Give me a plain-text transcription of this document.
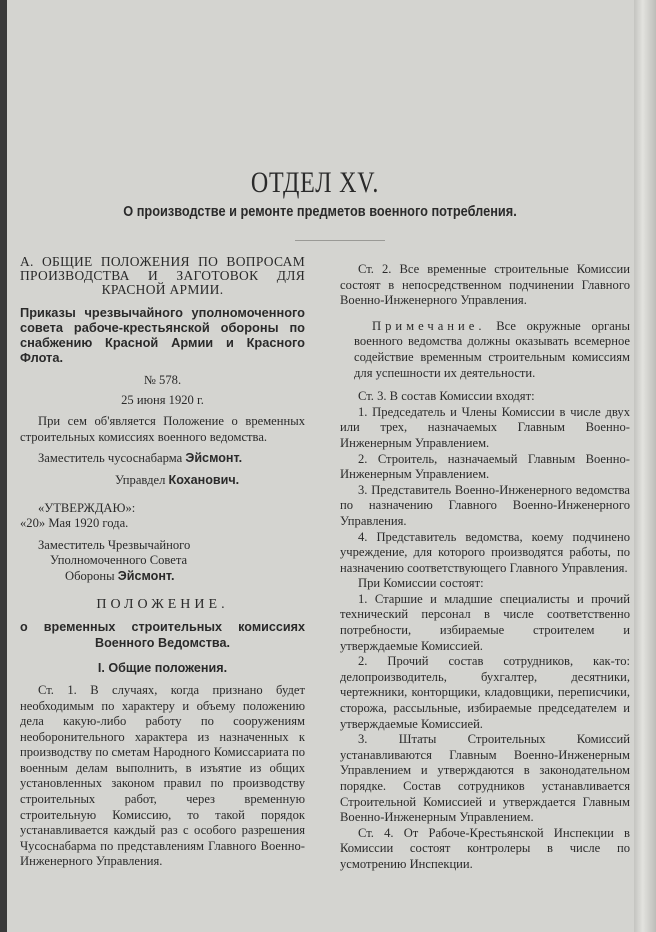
ОТДЕЛ XV.
О производстве и ремонте предметов военного потребления.

А. ОБЩИЕ ПОЛОЖЕНИЯ ПО ВОПРОСАМ ПРОИЗВОДСТВА И ЗАГОТОВОК ДЛЯ КРАСНОЙ АРМИИ.

Приказы чрезвычайного уполномоченного совета рабоче-крестьянской обороны по снабжению Красной Армии и Красного Флота.

№ 578.

25 июня 1920 г.

При сем об'является Положение о временных строительных комиссиях военного ведомства.

Заместитель чусоснабарма Эйсмонт.

Управдел Коханович.

«УТВЕРЖДАЮ»:

«20» Мая 1920 года.

Заместитель Чрезвычайного

Уполномоченного Совета

Обороны Эйсмонт.

ПОЛОЖЕНИЕ.

о временных строительных комиссиях Военного Ведомства.

I. Общие положения.

Ст. 1. В случаях, когда признано будет необходимым по характеру и объему положению дела какую-либо работу по сооружениям необоронительного характера из назначенных к производству по сметам Народного Комиссариата по военным делам выполнить, в изъятие из общих установленных законом правил по производству строительных работ, через временную строительную Комиссию, то такой порядок устанавливается каждый раз с особого разрешения Чусоснабарма по представлениям Главного Военно-Инженерного Управления.

Ст. 2. Все временные строительные Комиссии состоят в непосредственном подчинении Главного Военно-Инженерного Управления.

Примечание. Все окружные органы военного ведомства должны оказывать всемерное содействие временным строительным комиссиям для успешности их деятельности.

Ст. 3. В состав Комиссии входят:

1. Председатель и Члены Комиссии в числе двух или трех, назначаемых Главным Военно-Инженерным Управлением.

2. Строитель, назначаемый Главным Военно-Инженерным Управлением.

3. Представитель Военно-Инженерного ведомства по назначению Главного Военно-Инженерного Управления.

4. Представитель ведомства, коему подчинено учреждение, для которого производятся работы, по назначению соответствующего Главного Управления.

При Комиссии состоят:

1. Старшие и младшие специалисты и прочий технический персонал в числе соответственно потребности, избираемые строителем и утверждаемые Комиссией.

2. Прочий состав сотрудников, как-то: делопроизводитель, бухгалтер, десятники, чертежники, конторщики, кладовщики, переписчики, сторожа, рассыльные, избираемые председателем и утверждаемые Комиссией.

3. Штаты Строительных Комиссий устанавливаются Главным Военно-Инженерным Управлением и утверждаются в законодательном порядке. Состав сотрудников устанавливается Строительной Комиссией и утверждается Главным Военно-Инженерным Управлением.

Ст. 4. От Рабоче-Крестьянской Инспекции в Комиссии состоят контролеры в числе по усмотрению Инспекции.
